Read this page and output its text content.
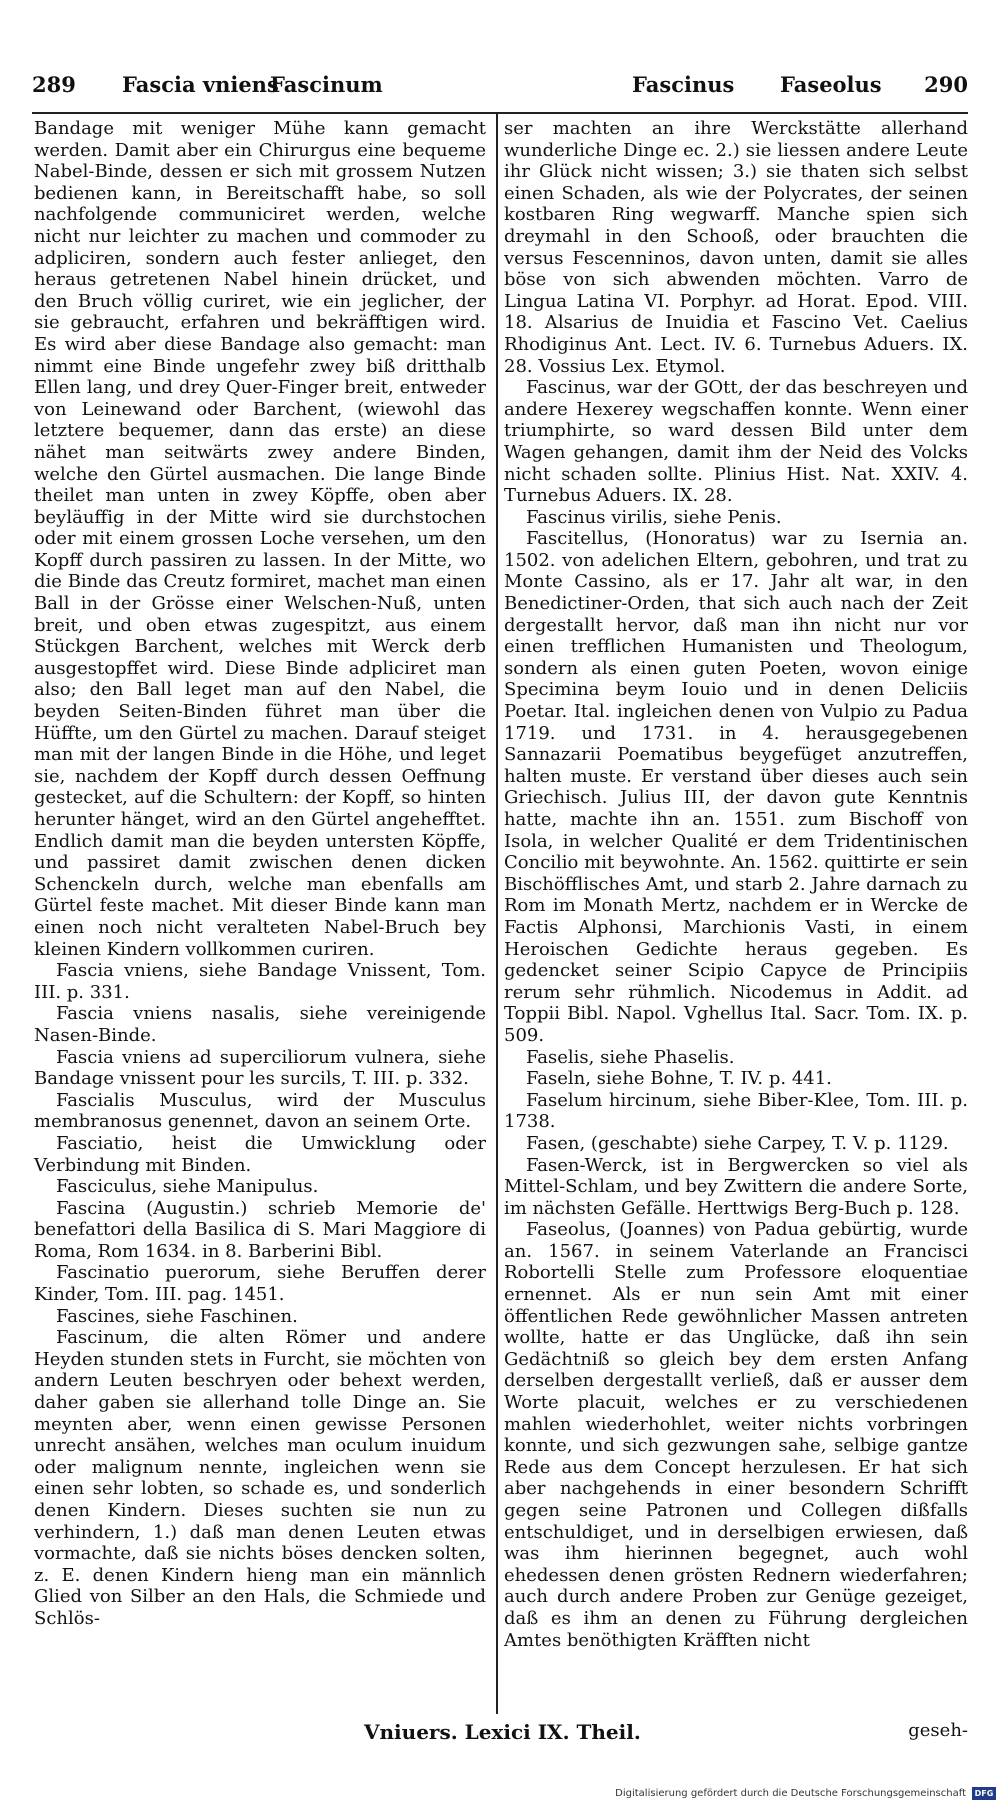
289 Fascia vniens
Fascinum	Fascinus Faseolus 290

Bandage mit weniger Mühe kann gemacht werden. Damit aber ein Chirurgus eine bequeme Nabel-Binde, dessen er sich mit grossem Nutzen bedienen kann, in Bereitschafft habe, so soll nachfolgende communiciret werden, welche nicht nur leichter zu machen und commoder zu adpliciren, sondern auch fester anlieget, den heraus getretenen Nabel hinein drücket, und den Bruch völlig curiret, wie ein jeglicher, der sie gebraucht, erfahren und bekräfftigen wird. Es wird aber diese Bandage also gemacht: man nimmt eine Binde ungefehr zwey biß dritthalb Ellen lang, und drey Quer-Finger breit, entweder von Leinewand oder Barchent, (wiewohl das letztere bequemer, dann das erste) an diese nähet man seitwärts zwey andere Binden, welche den Gürtel ausmachen. Die lange Binde theilet man unten in zwey Köpffe, oben aber beyläuffig in der Mitte wird sie durchstochen oder mit einem grossen Loche versehen, um den Kopff durch passiren zu lassen. In der Mitte, wo die Binde das Creutz formiret, machet man einen Ball in der Grösse einer Welschen-Nuß, unten breit, und oben etwas zugespitzt, aus einem Stückgen Barchent, welches mit Werck derb ausgestopffet wird. Diese Binde adpliciret man also; den Ball leget man auf den Nabel, die beyden Seiten-Binden führet man über die Hüffte, um den Gürtel zu machen. Darauf steiget man mit der langen Binde in die Höhe, und leget sie, nachdem der Kopff durch dessen Oeffnung gestecket, auf die Schultern: der Kopff, so hinten herunter hänget, wird an den Gürtel angehefftet. Endlich damit man die beyden untersten Köpffe, und passiret damit zwischen denen dicken Schenckeln durch, welche man ebenfalls am Gürtel feste machet. Mit dieser Binde kann man einen noch nicht veralteten Nabel-Bruch bey kleinen Kindern vollkommen curiren.

Fascia vniens, siehe Bandage Vnissent, Tom. III. p. 331.

Fascia vniens nasalis, siehe vereinigende Nasen-Binde.

Fascia vniens ad superciliorum vulnera, siehe Bandage vnissent pour les surcils, T. III. p. 332.

Fascialis Musculus, wird der Musculus membranosus genennet, davon an seinem Orte.

Fasciatio, heist die Umwicklung oder Verbindung mit Binden.

Fasciculus, siehe Manipulus.

Fascina (Augustin.) schrieb Memorie de' benefattori della Basilica di S. Mari Maggiore di Roma, Rom 1634. in 8. Barberini Bibl.

Fascinatio puerorum, siehe Beruffen derer Kinder, Tom. III. pag. 1451.

Fascines, siehe Faschinen.

Fascinum, die alten Römer und andere Heyden stunden stets in Furcht, sie möchten von andern Leuten beschryen oder behext werden, daher gaben sie allerhand tolle Dinge an. Sie meynten aber, wenn einen gewisse Personen unrecht ansähen, welches man oculum inuidum oder malignum nennte, ingleichen wenn sie einen sehr lobten, so schade es, und sonderlich denen Kindern. Dieses suchten sie nun zu verhindern, 1.) daß man denen Leuten etwas vormachte, daß sie nichts böses dencken solten, z. E. denen Kindern hieng man ein männlich Glied von Silber an den Hals, die Schmiede und Schlös-

ser machten an ihre Werckstätte allerhand wunderliche Dinge ec. 2.) sie liessen andere Leute ihr Glück nicht wissen; 3.) sie thaten sich selbst einen Schaden, als wie der Polycrates, der seinen kostbaren Ring wegwarff. Manche spien sich dreymahl in den Schooß, oder brauchten die versus Fescenninos, davon unten, damit sie alles böse von sich abwenden möchten. Varro de Lingua Latina VI. Porphyr. ad Horat. Epod. VIII. 18. Alsarius de Inuidia et Fascino Vet. Caelius Rhodiginus Ant. Lect. IV. 6. Turnebus Aduers. IX. 28. Vossius Lex. Etymol.

Fascinus, war der GOtt, der das beschreyen und andere Hexerey wegschaffen konnte. Wenn einer triumphirte, so ward dessen Bild unter dem Wagen gehangen, damit ihm der Neid des Volcks nicht schaden sollte. Plinius Hist. Nat. XXIV. 4. Turnebus Aduers. IX. 28.

Fascinus virilis, siehe Penis.

Fascitellus, (Honoratus) war zu Isernia an. 1502. von adelichen Eltern, gebohren, und trat zu Monte Cassino, als er 17. Jahr alt war, in den Benedictiner-Orden, that sich auch nach der Zeit dergestallt hervor, daß man ihn nicht nur vor einen trefflichen Humanisten und Theologum, sondern als einen guten Poeten, wovon einige Specimina beym Iouio und in denen Deliciis Poetar. Ital. ingleichen denen von Vulpio zu Padua 1719. und 1731. in 4. herausgegebenen Sannazarii Poematibus beygefüget anzutreffen, halten muste. Er verstand über dieses auch sein Griechisch. Julius III, der davon gute Kenntnis hatte, machte ihn an. 1551. zum Bischoff von Isola, in welcher Qualité er dem Tridentinischen Concilio mit beywohnte. An. 1562. quittirte er sein Bischöfflisches Amt, und starb 2. Jahre darnach zu Rom im Monath Mertz, nachdem er in Wercke de Factis Alphonsi, Marchionis Vasti, in einem Heroischen Gedichte heraus gegeben. Es gedencket seiner Scipio Capyce de Principiis rerum sehr rühmlich. Nicodemus in Addit. ad Toppii Bibl. Napol. Vghellus Ital. Sacr. Tom. IX. p. 509.

Faselis, siehe Phaselis.

Faseln, siehe Bohne, T. IV. p. 441.

Faselum hircinum, siehe Biber-Klee, Tom. III. p. 1738.

Fasen, (geschabte) siehe Carpey, T. V. p. 1129.

Fasen-Werck, ist in Bergwercken so viel als Mittel-Schlam, und bey Zwittern die andere Sorte, im nächsten Gefälle. Herttwigs Berg-Buch p. 128.

Faseolus, (Joannes) von Padua gebürtig, wurde an. 1567. in seinem Vaterlande an Francisci Robortelli Stelle zum Professore eloquentiae ernennet. Als er nun sein Amt mit einer öffentlichen Rede gewöhnlicher Massen antreten wollte, hatte er das Unglücke, daß ihn sein Gedächtniß so gleich bey dem ersten Anfang derselben dergestallt verließ, daß er ausser dem Worte placuit, welches er zu verschiedenen mahlen wiederhohlet, weiter nichts vorbringen konnte, und sich gezwungen sahe, selbige gantze Rede aus dem Concept herzulesen. Er hat sich aber nachgehends in einer besondern Schrifft gegen seine Patronen und Collegen dißfalls entschuldiget, und in derselbigen erwiesen, daß was ihm hierinnen begegnet, auch wohl ehedessen denen grösten Rednern wiederfahren; auch durch andere Proben zur Genüge gezeiget, daß es ihm an denen zu Führung dergleichen Amtes benöthigten Kräfften nicht

Vniuers. Lexici IX. Theil.	geseh-
Digitalisierung gefördert durch die Deutsche Forschungsgemeinschaft	DFG
